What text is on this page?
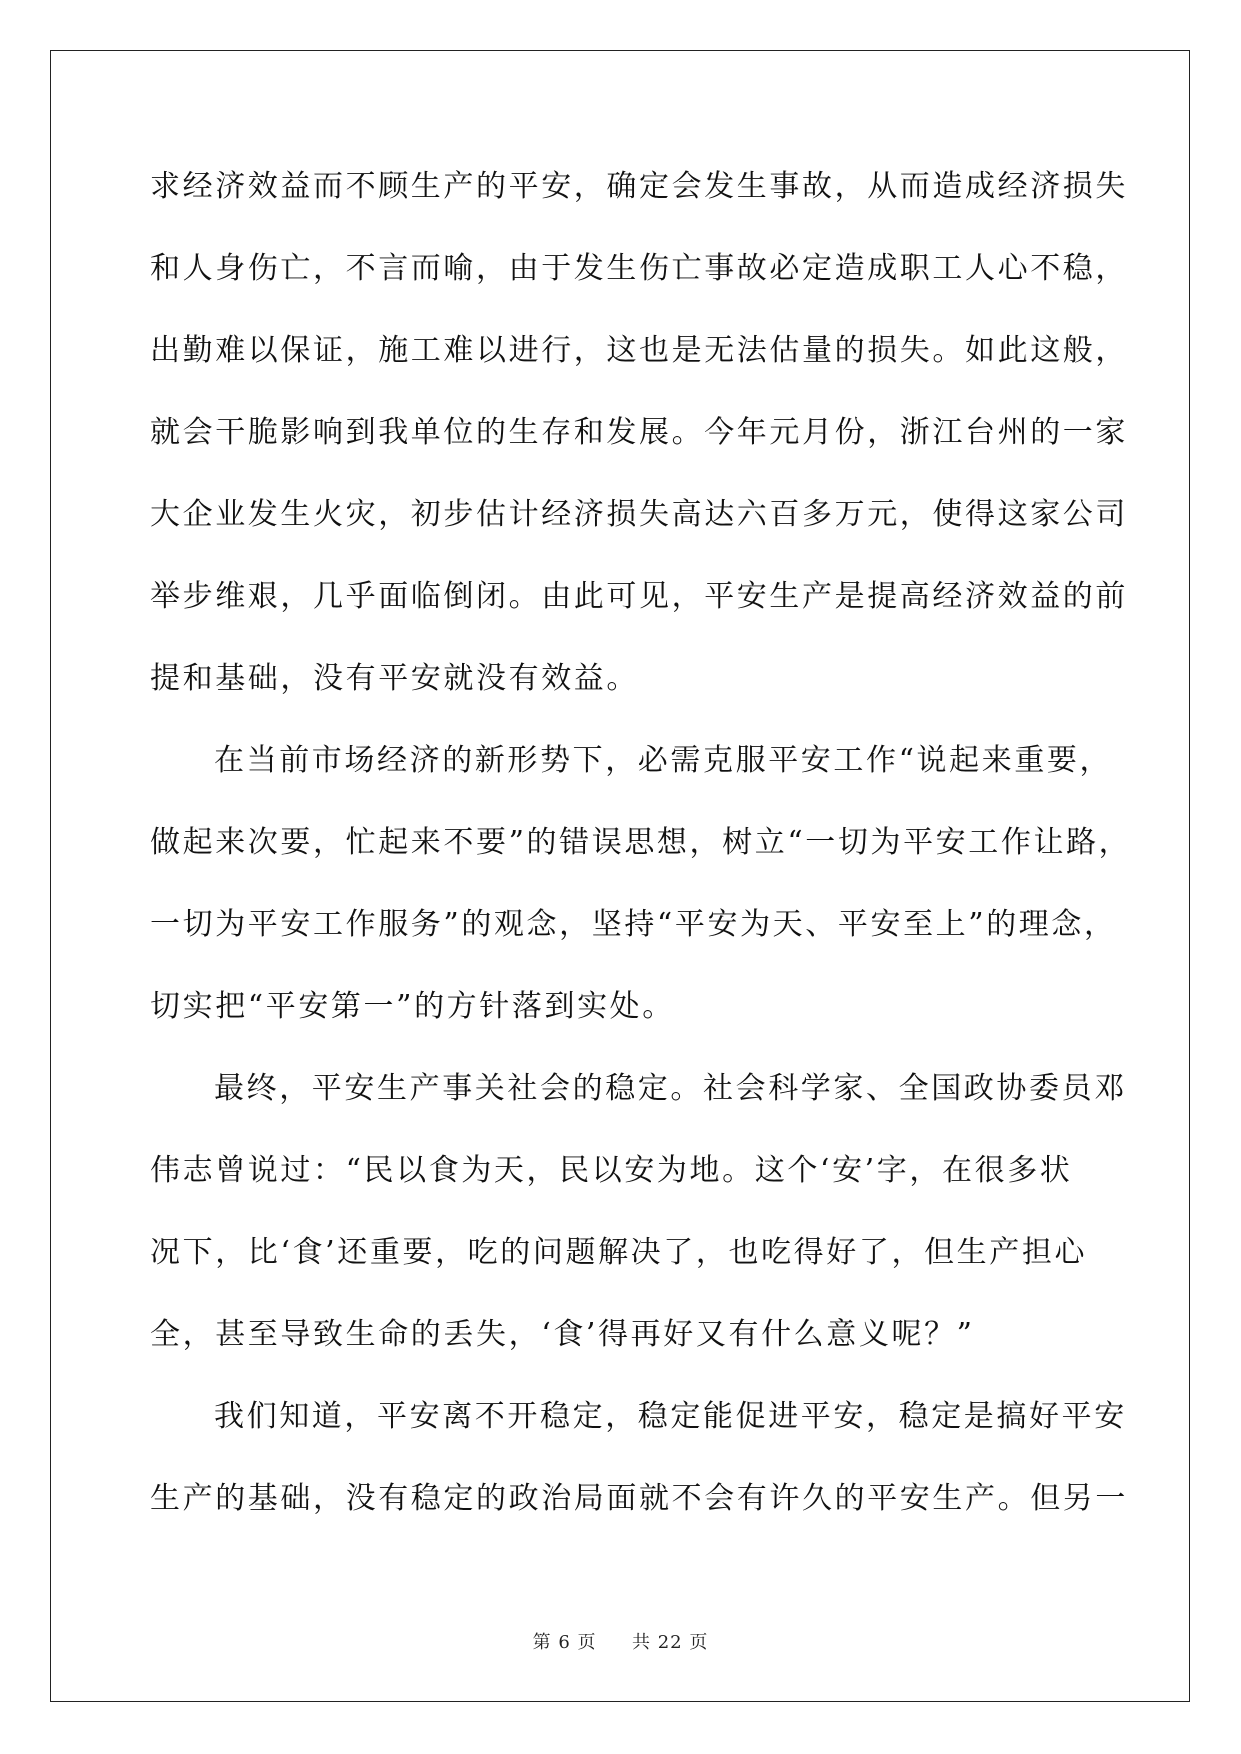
求经济效益而不顾生产的平安，确定会发生事故，从而造成经济损失
和人身伤亡，不言而喻，由于发生伤亡事故必定造成职工人心不稳，
出勤难以保证，施工难以进行，这也是无法估量的损失。如此这般，
就会干脆影响到我单位的生存和发展。今年元月份，浙江台州的一家
大企业发生火灾，初步估计经济损失高达六百多万元，使得这家公司
举步维艰，几乎面临倒闭。由此可见，平安生产是提高经济效益的前
提和基础，没有平安就没有效益。
在当前市场经济的新形势下，必需克服平安工作“说起来重要，
做起来次要，忙起来不要”的错误思想，树立“一切为平安工作让路，
一切为平安工作服务”的观念，坚持“平安为天、平安至上”的理念，
切实把“平安第一”的方针落到实处。
最终，平安生产事关社会的稳定。社会科学家、全国政协委员邓
伟志曾说过：“民以食为天，民以安为地。这个‘安’字，在很多状
况下，比‘食’还重要，吃的问题解决了，也吃得好了，但生产担心
全，甚至导致生命的丢失，‘食’得再好又有什么意义呢？”
我们知道，平安离不开稳定，稳定能促进平安，稳定是搞好平安
生产的基础，没有稳定的政治局面就不会有许久的平安生产。但另一
第 6 页 共 22 页
